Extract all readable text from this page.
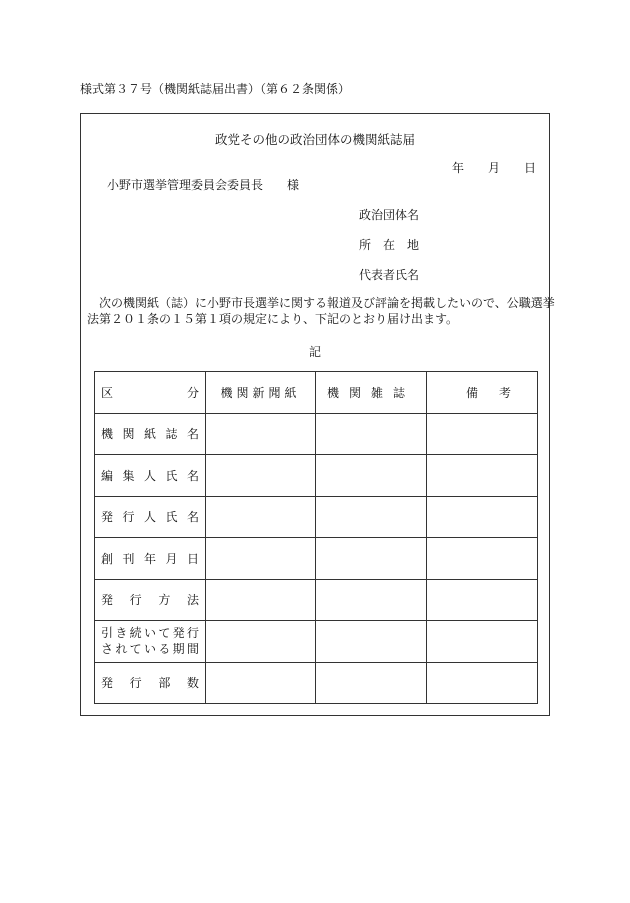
様式第３７号（機関紙誌届出書）（第６２条関係）
政党その他の政治団体の機関紙誌届
年 月 日
小野市選挙管理委員会委員長　　様
政治団体名
所　在　地
代表者氏名
次の機関紙（誌）に小野市長選挙に関する報道及び評論を掲載したいので、公職選挙
法第２０１条の１５第１項の規定により、下記のとおり届け出ます。
記
区 分	機関新聞紙	機関雑誌	備 考
機関紙誌名			
編集人氏名			
発行人氏名			
創刊年月日			
発行方法			

引き続いて発行
されている期間			

発行部数			
